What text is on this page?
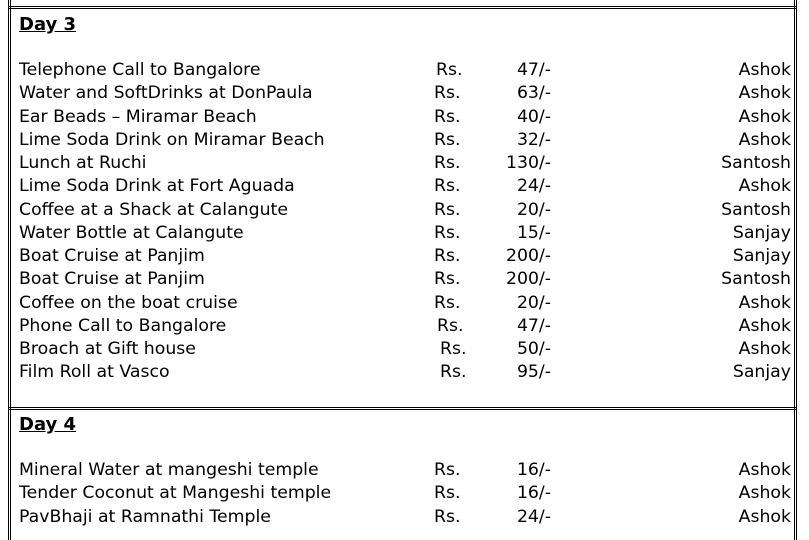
Day 3
Telephone Call to Bangalore	Rs.	47/-	Ashok
Water and SoftDrinks at DonPaula	Rs.	63/-	Ashok
Ear Beads – Miramar Beach	Rs.	40/-	Ashok
Lime Soda Drink on Miramar Beach	Rs.	32/-	Ashok
Lunch at Ruchi	Rs.	130/-	Santosh
Lime Soda Drink at Fort Aguada	Rs.	24/-	Ashok
Coffee at a Shack at Calangute	Rs.	20/-	Santosh
Water Bottle at Calangute	Rs.	15/-	Sanjay
Boat Cruise at Panjim	Rs.	200/-	Sanjay
Boat Cruise at Panjim	Rs.	200/-	Santosh
Coffee on the boat cruise	Rs.	20/-	Ashok
Phone Call to Bangalore	Rs.	47/-	Ashok
Broach at Gift house	Rs.	50/-	Ashok
Film Roll at Vasco	Rs.	95/-	Sanjay
Day 4
Mineral Water at mangeshi temple	Rs.	16/-	Ashok
Tender Coconut at Mangeshi temple	Rs.	16/-	Ashok
PavBhaji at Ramnathi Temple	Rs.	24/-	Ashok
